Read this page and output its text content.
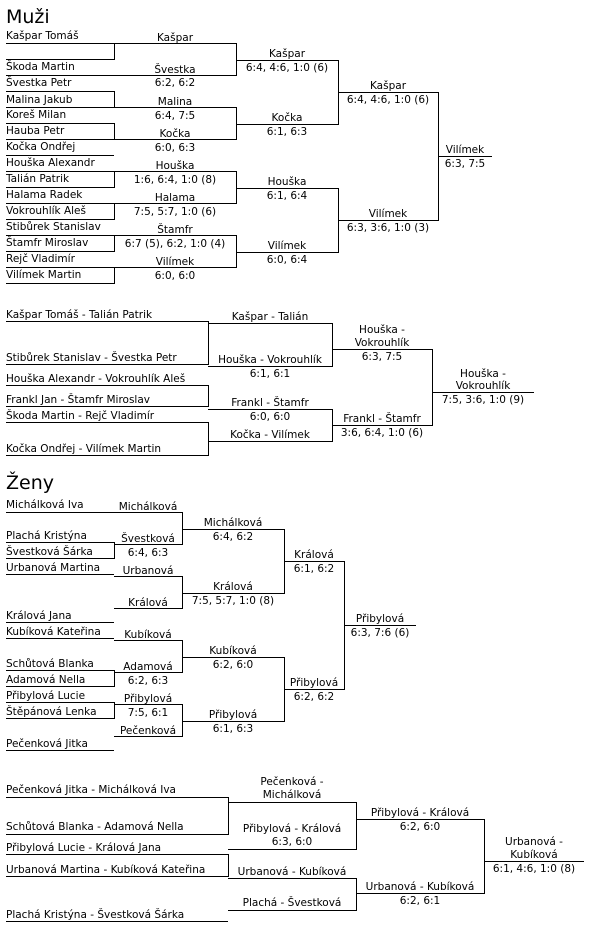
Muži
Kašpar Tomáš
Škoda Martin
Švestka Petr
Malina Jakub
Koreš Milan
Hauba Petr
Kočka Ondřej
Houška Alexandr
Talián Patrik
Halama Radek
Vokrouhlík Aleš
Stibůrek Stanislav
Štamfr Miroslav
Rejč Vladimír
Vilímek Martin
Kašpar
Švestka
6:2, 6:2
Malina
6:4, 7:5
Kočka
6:0, 6:3
Houška
1:6, 6:4, 1:0 (8)
Halama
7:5, 5:7, 1:0 (6)
Štamfr
6:7 (5), 6:2, 1:0 (4)
Vilímek
6:0, 6:0
Kašpar
6:4, 4:6, 1:0 (6)
Kočka
6:1, 6:3
Houška
6:1, 6:4
Vilímek
6:0, 6:4
Kašpar
6:4, 4:6, 1:0 (6)
Vilímek
6:3, 3:6, 1:0 (3)
Vilímek
6:3, 7:5
Kašpar Tomáš - Talián Patrik
Stibůrek Stanislav - Švestka Petr
Houška Alexandr - Vokrouhlík Aleš
Frankl Jan - Štamfr Miroslav
Škoda Martin - Rejč Vladimír
Kočka Ondřej - Vilímek Martin
Kašpar - Talián
Houška - Vokrouhlík
6:1, 6:1
Frankl - Štamfr
6:0, 6:0
Kočka - Vilímek
Houška -
Vokrouhlík
6:3, 7:5
Frankl - Štamfr
3:6, 6:4, 1:0 (6)
Houška -
Vokrouhlík
7:5, 3:6, 1:0 (9)
Ženy
Michálková Iva
Plachá Kristýna
Švestková Šárka
Urbanová Martina
Králová Jana
Kubíková Kateřina
Schůtová Blanka
Adamová Nella
Přibylová Lucie
Štěpánová Lenka
Pečenková Jitka
Michálková
Švestková
6:4, 6:3
Urbanová
Králová
Kubíková
Adamová
6:2, 6:3
Přibylová
7:5, 6:1
Pečenková
Michálková
6:4, 6:2
Králová
7:5, 5:7, 1:0 (8)
Kubíková
6:2, 6:0
Přibylová
6:1, 6:3
Králová
6:1, 6:2
Přibylová
6:2, 6:2
Přibylová
6:3, 7:6 (6)
Pečenková Jitka - Michálková Iva
Schůtová Blanka - Adamová Nella
Přibylová Lucie - Králová Jana
Urbanová Martina - Kubíková Kateřina
Plachá Kristýna - Švestková Šárka
Pečenková -
Michálková
Přibylová - Králová
6:3, 6:0
Urbanová - Kubíková
Plachá - Švestková
Přibylová - Králová
6:2, 6:0
Urbanová - Kubíková
6:2, 6:1
Urbanová -
Kubíková
6:1, 4:6, 1:0 (8)
